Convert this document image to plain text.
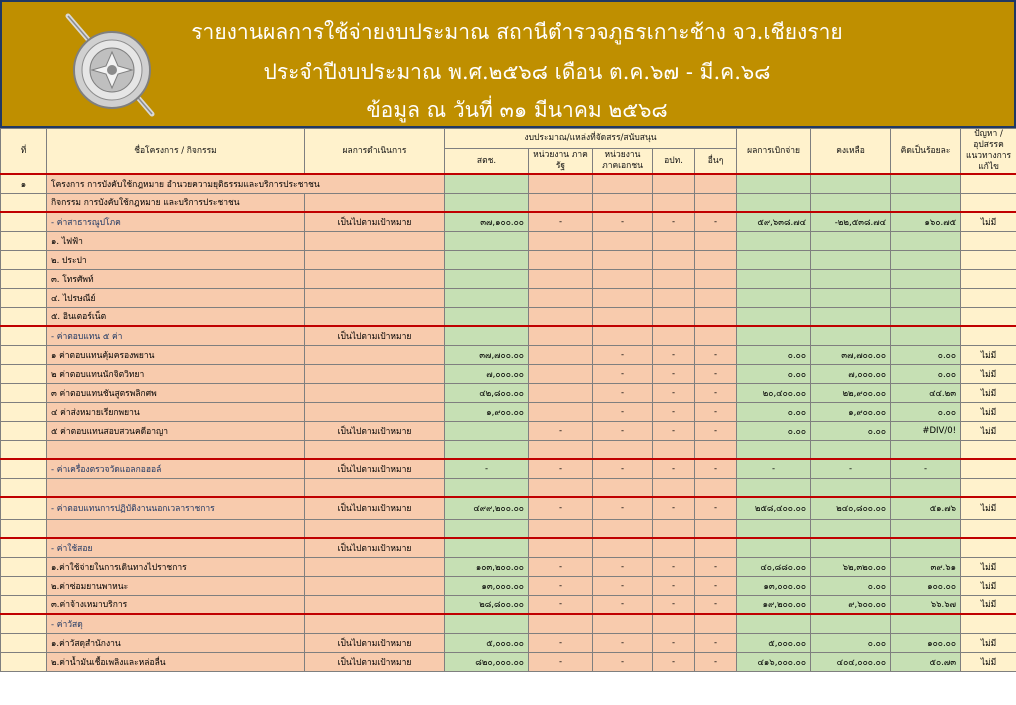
รายงานผลการใช้จ่ายงบประมาณ สถานีตำรวจภูธรเกาะช้าง จว.เชียงราย
ประจำปีงบประมาณ พ.ศ.๒๕๖๘ เดือน ต.ค.๖๗ - มี.ค.๖๘
ข้อมูล ณ วันที่ ๓๑ มีนาคม ๒๕๖๘
ที่	ชื่อโครงการ / กิจกรรม	ผลการดำเนินการ	งบประมาณ/แหล่งที่จัดสรร/สนับสนุน					ผลการเบิกจ่าย	คงเหลือ	คิดเป็นร้อยละ	ปัญหา / อุปสรรค แนวทางการแก้ไข
			สตช.	หน่วยงาน ภาครัฐ	หน่วยงาน ภาคเอกชน	อปท.	อื่นๆ				
๑	โครงการ การบังคับใช้กฎหมาย อำนวยความยุติธรรมและบริการประชาชน										
	กิจกรรม การบังคับใช้กฎหมาย และบริการประชาชน										
	- ค่าสาธารณูปโภค	เป็นไปตามเป้าหมาย	๓๗,๑๐๐.๐๐	-	-	-	-	๕๙,๖๓๘.๗๔	-๒๒,๕๓๘.๗๔	๑๖๐.๗๕	ไม่มี
	๑. ไฟฟ้า										
	๒. ประปา										
	๓. โทรศัพท์										
	๔. ไปรษณีย์										
	๕. อินเตอร์เน็ต										
	- ค่าตอบแทน ๕ ค่า	เป็นไปตามเป้าหมาย									
	๑ ค่าตอบแทนคุ้มครองพยาน		๓๗,๗๐๐.๐๐		-	-	-	๐.๐๐	๓๗,๗๐๐.๐๐	๐.๐๐	ไม่มี
	๒ ค่าตอบแทนนักจิตวิทยา		๗,๐๐๐.๐๐		-	-	-	๐.๐๐	๗,๐๐๐.๐๐	๐.๐๐	ไม่มี
	๓ ค่าตอบแทนชันสูตรพลิกศพ		๔๒,๘๐๐.๐๐		-	-	-	๒๐,๔๐๐.๐๐	๒๒,๙๐๐.๐๐	๔๔.๒๓	ไม่มี
	๔ ค่าส่งหมายเรียกพยาน		๑,๙๐๐.๐๐		-	-	-	๐.๐๐	๑,๙๐๐.๐๐	๐.๐๐	ไม่มี
	๕ ค่าตอบแทนสอบสวนคดีอาญา	เป็นไปตามเป้าหมาย		-	-	-	-	๐.๐๐	๐.๐๐	#DIV/0!	ไม่มี

	- ค่าเครื่องตรวจวัดแอลกอฮอล์	เป็นไปตามเป้าหมาย	-	-	-	-	-	-	-	-	

	- ค่าตอบแทนการปฏิบัติงานนอกเวลาราชการ	เป็นไปตามเป้าหมาย	๔๙๙,๒๐๐.๐๐	-	-	-	-	๒๕๘,๔๐๐.๐๐	๒๔๐,๘๐๐.๐๐	๕๑.๗๖	ไม่มี

	- ค่าใช้สอย	เป็นไปตามเป้าหมาย									
	๑.ค่าใช้จ่ายในการเดินทางไปราชการ		๑๐๓,๒๐๐.๐๐	-	-	-	-	๔๐,๘๘๐.๐๐	๖๒,๓๒๐.๐๐	๓๙.๖๑	ไม่มี
	๒.ค่าซ่อมยานพาหนะ		๑๓,๐๐๐.๐๐	-	-	-	-	๑๓,๐๐๐.๐๐	๐.๐๐	๑๐๐.๐๐	ไม่มี
	๓.ค่าจ้างเหมาบริการ		๒๘,๘๐๐.๐๐	-	-	-	-	๑๙,๒๐๐.๐๐	๙,๖๐๐.๐๐	๖๖.๖๗	ไม่มี
	- ค่าวัสดุ										
	๑.ค่าวัสดุสำนักงาน	เป็นไปตามเป้าหมาย	๕,๐๐๐.๐๐	-	-	-	-	๕,๐๐๐.๐๐	๐.๐๐	๑๐๐.๐๐	ไม่มี
	๒.ค่าน้ำมันเชื้อเพลิงและหล่อลื่น	เป็นไปตามเป้าหมาย	๘๒๐,๐๐๐.๐๐	-	-	-	-	๔๑๖,๐๐๐.๐๐	๔๐๔,๐๐๐.๐๐	๕๐.๗๓	ไม่มี
